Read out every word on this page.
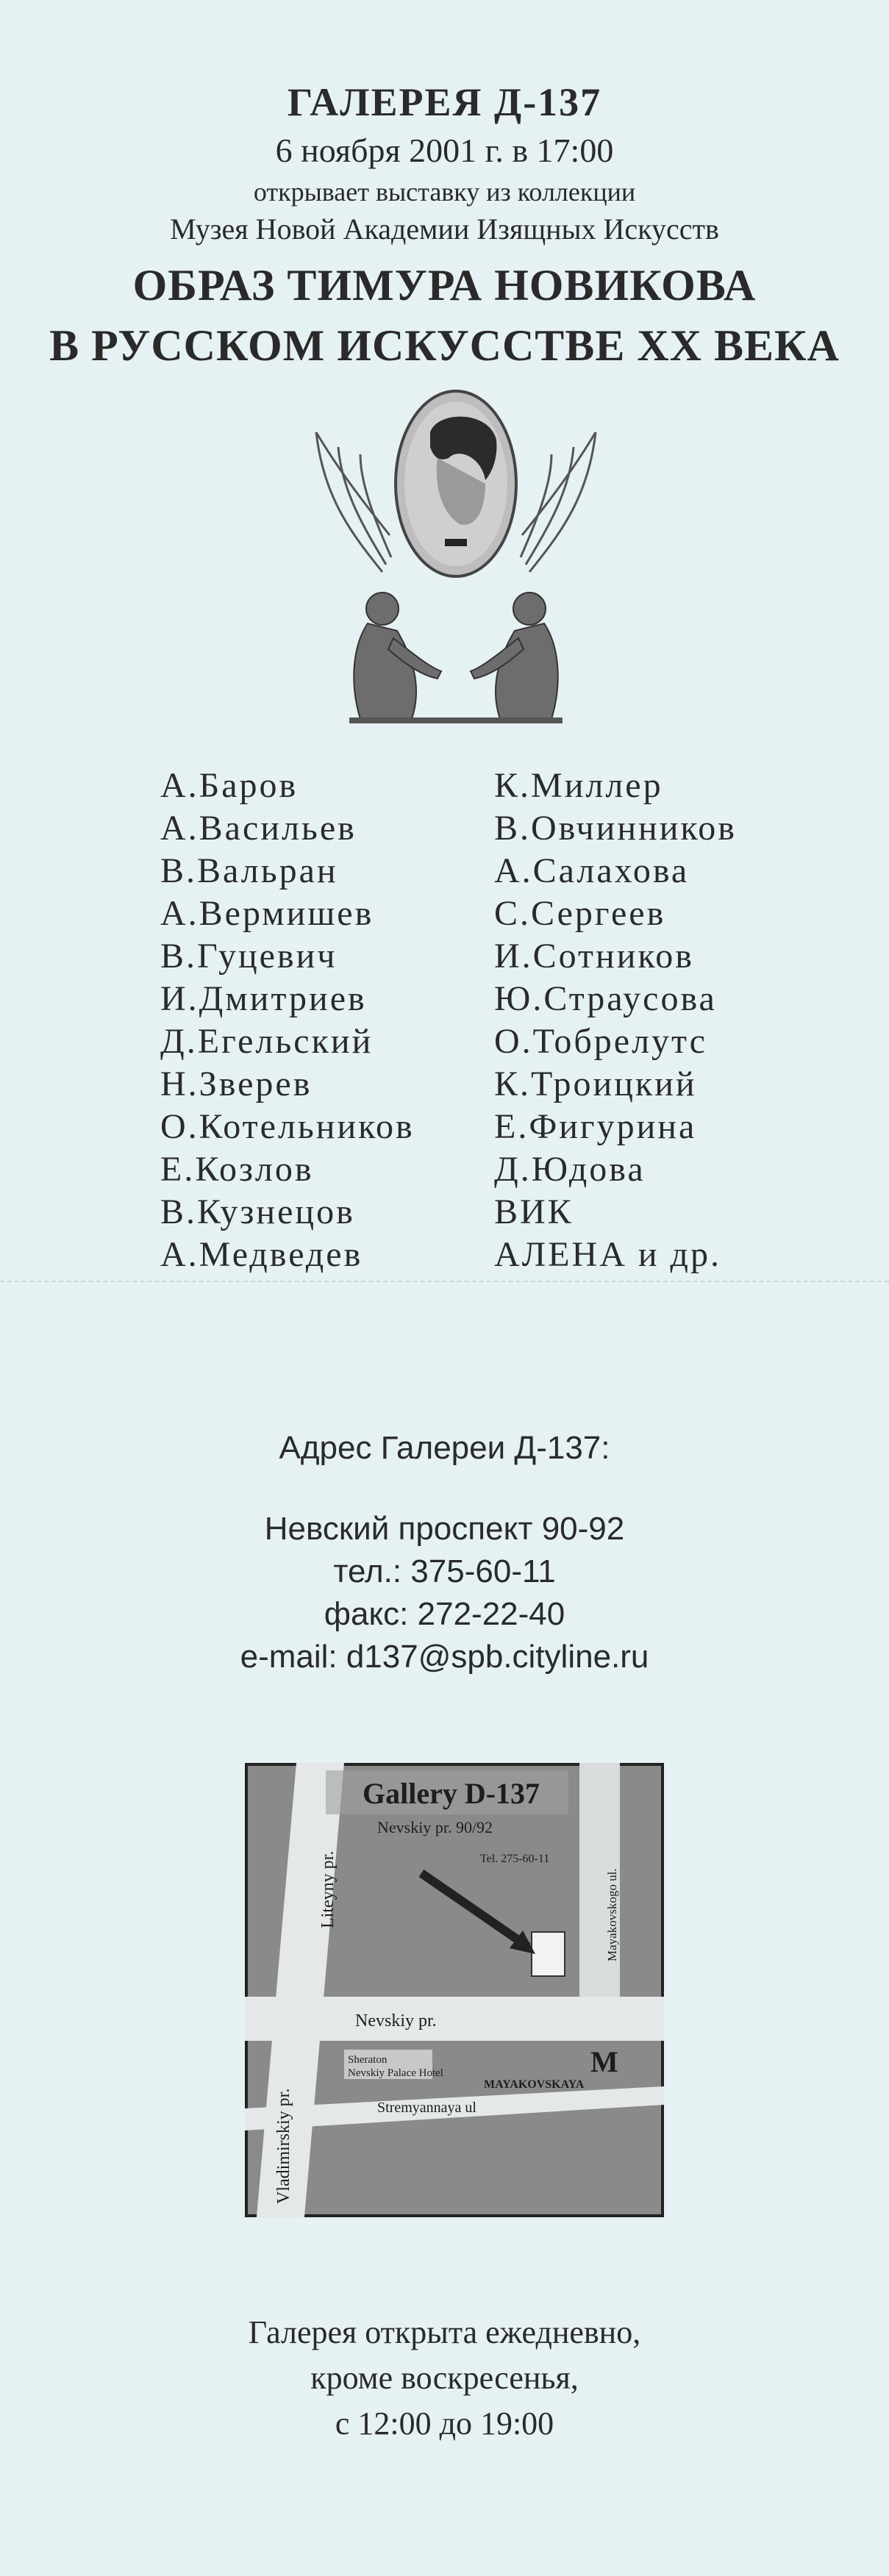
ГАЛЕРЕЯ Д-137
6 ноября 2001 г. в 17:00
открывает выставку из коллекции
Музея Новой Академии Изящных Искусств
ОБРАЗ ТИМУРА НОВИКОВА
В РУССКОМ ИСКУССТВЕ XX ВЕКА
А.Баров
А.Васильев
В.Вальран
А.Вермишев
В.Гуцевич
И.Дмитриев
Д.Егельский
Н.Зверев
О.Котельников
Е.Козлов
В.Кузнецов
А.Медведев
К.Миллер
В.Овчинников
А.Салахова
С.Сергеев
И.Сотников
Ю.Страусова
О.Тобрелутс
К.Троицкий
Е.Фигурина
Д.Юдова
ВИК
АЛЕНА и др.
Адрес Галереи Д-137:
Невский проспект 90-92
тел.: 375-60-11
факс: 272-22-40
e-mail: d137@spb.cityline.ru
Gallery D-137
Nevskiy pr. 90/92
Tel. 275-60-11
Liteyny pr.	Mayakovskogo ul.
Nevskiy pr.
Vladimirskiy pr.	Stremyannaya ul
Sheraton
Nevskiy Palace Hotel	M
MAYAKOVSKAYA
Галерея открыта ежедневно,
кроме воскресенья,
с 12:00 до 19:00
